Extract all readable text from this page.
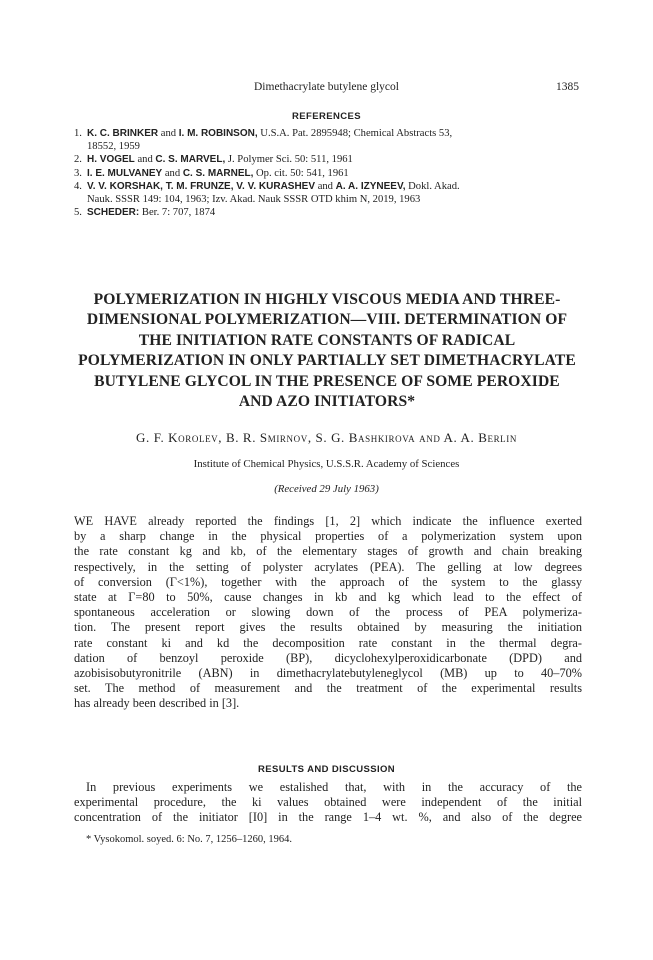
Dimethacrylate butylene glycol	1385
REFERENCES
1. K. C. BRINKER and I. M. ROBINSON, U.S.A. Pat. 2895948; Chemical Abstracts 53,
18552, 1959
2. H. VOGEL and C. S. MARVEL, J. Polymer Sci. 50: 511, 1961
3. I. E. MULVANEY and C. S. MARNEL, Op. cit. 50: 541, 1961
4. V. V. KORSHAK, T. M. FRUNZE, V. V. KURASHEV and A. A. IZYNEEV, Dokl. Akad.
Nauk. SSSR 149: 104, 1963; Izv. Akad. Nauk SSSR OTD khim N, 2019, 1963
5. SCHEDER: Ber. 7: 707, 1874
POLYMERIZATION IN HIGHLY VISCOUS MEDIA AND THREE-
DIMENSIONAL POLYMERIZATION—VIII. DETERMINATION OF
THE INITIATION RATE CONSTANTS OF RADICAL
POLYMERIZATION IN ONLY PARTIALLY SET DIMETHACRYLATE
BUTYLENE GLYCOL IN THE PRESENCE OF SOME PEROXIDE
AND AZO INITIATORS*
G. F. Korolev, B. R. Smirnov, S. G. Bashkirova and A. A. Berlin
Institute of Chemical Physics, U.S.S.R. Academy of Sciences
(Received 29 July 1963)
WE HAVE already reported the findings [1, 2] which indicate the influence exerted
by a sharp change in the physical properties of a polymerization system upon
the rate constant kg and kb, of the elementary stages of growth and chain breaking
respectively, in the setting of polyster acrylates (PEA). The gelling at low degrees
of conversion (Γ<1%), together with the approach of the system to the glassy
state at Γ=80 to 50%, cause changes in kb and kg which lead to the effect of
spontaneous acceleration or slowing down of the process of PEA polymeriza-
tion. The present report gives the results obtained by measuring the initiation
rate constant ki and kd the decomposition rate constant in the thermal degra-
dation of benzoyl peroxide (BP), dicyclohexylperoxidicarbonate (DPD) and
azobisisobutyronitrile (ABN) in dimethacrylatebutyleneglycol (MB) up to 40–70%
set. The method of measurement and the treatment of the experimental results
has already been described in [3].
RESULTS AND DISCUSSION
In previous experiments we estalished that, with in the accuracy of the
experimental procedure, the ki values obtained were independent of the initial
concentration of the initiator [I0] in the range 1–4 wt. %, and also of the degree
* Vysokomol. soyed. 6: No. 7, 1256–1260, 1964.
